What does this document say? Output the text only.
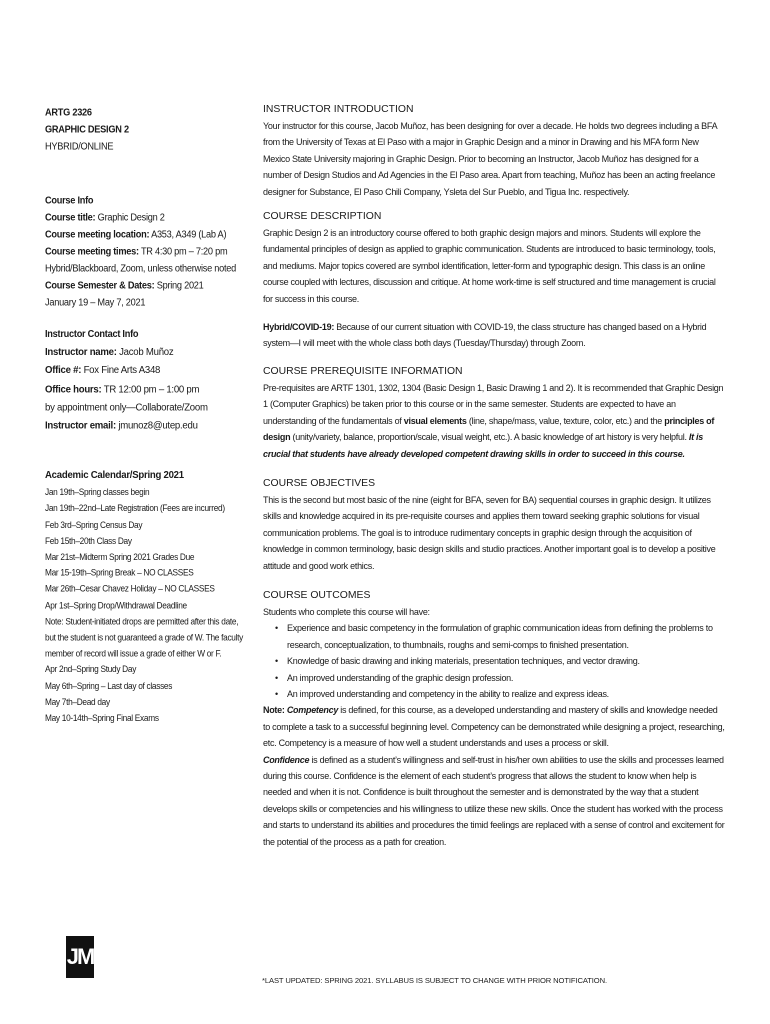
ARTG 2326
GRAPHIC DESIGN 2
HYBRID/ONLINE
Course Info
Course title: Graphic Design 2
Course meeting location: A353, A349 (Lab A)
Course meeting times: TR 4:30 pm – 7:20 pm
Hybrid/Blackboard, Zoom, unless otherwise noted
Course Semester & Dates: Spring 2021
January 19 – May 7, 2021
Instructor Contact Info
Instructor name: Jacob Muñoz
Office #: Fox Fine Arts A348
Office hours: TR 12:00 pm – 1:00 pm
by appointment only—Collaborate/Zoom
Instructor email: jmunoz8@utep.edu
Academic Calendar/Spring 2021
Jan 19th–Spring classes begin
Jan 19th–22nd–Late Registration (Fees are incurred)
Feb 3rd–Spring Census Day
Feb 15th–20th Class Day
Mar 21st–Midterm Spring 2021 Grades Due
Mar 15-19th–Spring Break – NO CLASSES
Mar 26th–Cesar Chavez Holiday – NO CLASSES
Apr 1st–Spring Drop/Withdrawal Deadline
Note: Student-initiated drops are permitted after this date, but the student is not guaranteed a grade of W. The faculty member of record will issue a grade of either W or F.
Apr 2nd–Spring Study Day
May 6th–Spring – Last day of classes
May 7th–Dead day
May 10-14th–Spring Final Exams
INSTRUCTOR INTRODUCTION

Your instructor for this course, Jacob Muñoz, has been designing for over a decade. He holds two degrees including a BFA from the University of Texas at El Paso with a major in Graphic Design and a minor in Drawing and his MFA form New Mexico State University majoring in Graphic Design. Prior to becoming an Instructor, Jacob Muñoz has designed for a number of Design Studios and Ad Agencies in the El Paso area. Apart from teaching, Muñoz has been an acting freelance designer for Substance, El Paso Chili Company, Ysleta del Sur Pueblo, and Tigua Inc. respectively.

COURSE DESCRIPTION

Graphic Design 2 is an introductory course offered to both graphic design majors and minors. Students will explore the fundamental principles of design as applied to graphic communication. Students are introduced to basic terminology, tools, and mediums. Major topics covered are symbol identification, letter-form and typographic design. This class is an online course coupled with lectures, discussion and critique. At home work-time is self structured and time management is crucial for success in this course.

Hybrid/COVID-19: Because of our current situation with COVID-19, the class structure has changed based on a Hybrid system—I will meet with the whole class both days (Tuesday/Thursday) through Zoom.

COURSE PREREQUISITE INFORMATION

Pre-requisites are ARTF 1301, 1302, 1304 (Basic Design 1, Basic Drawing 1 and 2). It is recommended that Graphic Design 1 (Computer Graphics) be taken prior to this course or in the same semester. Students are expected to have an understanding of the fundamentals of visual elements (line, shape/mass, value, texture, color, etc.) and the principles of design (unity/variety, balance, proportion/scale, visual weight, etc.). A basic knowledge of art history is very helpful. It is crucial that students have already developed competent drawing skills in order to succeed in this course.

COURSE OBJECTIVES

This is the second but most basic of the nine (eight for BFA, seven for BA) sequential courses in graphic design. It utilizes skills and knowledge acquired in its pre-requisite courses and applies them toward seeking graphic solutions for visual communication problems. The goal is to introduce rudimentary concepts in graphic design through the acquisition of knowledge in common terminology, basic design skills and studio practices. Another important goal is to develop a positive attitude and good work ethics.

COURSE OUTCOMES

Students who complete this course will have:

• Experience and basic competency in the formulation of graphic communication ideas from defining the problems to research, conceptualization, to thumbnails, roughs and semi-comps to finished presentation.
• Knowledge of basic drawing and inking materials, presentation techniques, and vector drawing.
• An improved understanding of the graphic design profession.
• An improved understanding and competency in the ability to realize and express ideas.

Note: Competency is defined, for this course, as a developed understanding and mastery of skills and knowledge needed to complete a task to a successful beginning level. Competency can be demonstrated while designing a project, researching, etc. Competency is a measure of how well a student understands and uses a process or skill.

Confidence is defined as a student’s willingness and self-trust in his/her own abilities to use the skills and processes learned during this course. Confidence is the element of each student’s progress that allows the student to know when help is needed and when it is not. Confidence is built throughout the semester and is demonstrated by the way that a student develops skills or competencies and his willingness to utilize these new skills. Once the student has worked with the process and starts to understand its abilities and procedures the timid feelings are replaced with a sense of control and excitement for the potential of the process as a path for creation.

JM
*LAST UPDATED: SPRING 2021. SYLLABUS IS SUBJECT TO CHANGE WITH PRIOR NOTIFICATION.
